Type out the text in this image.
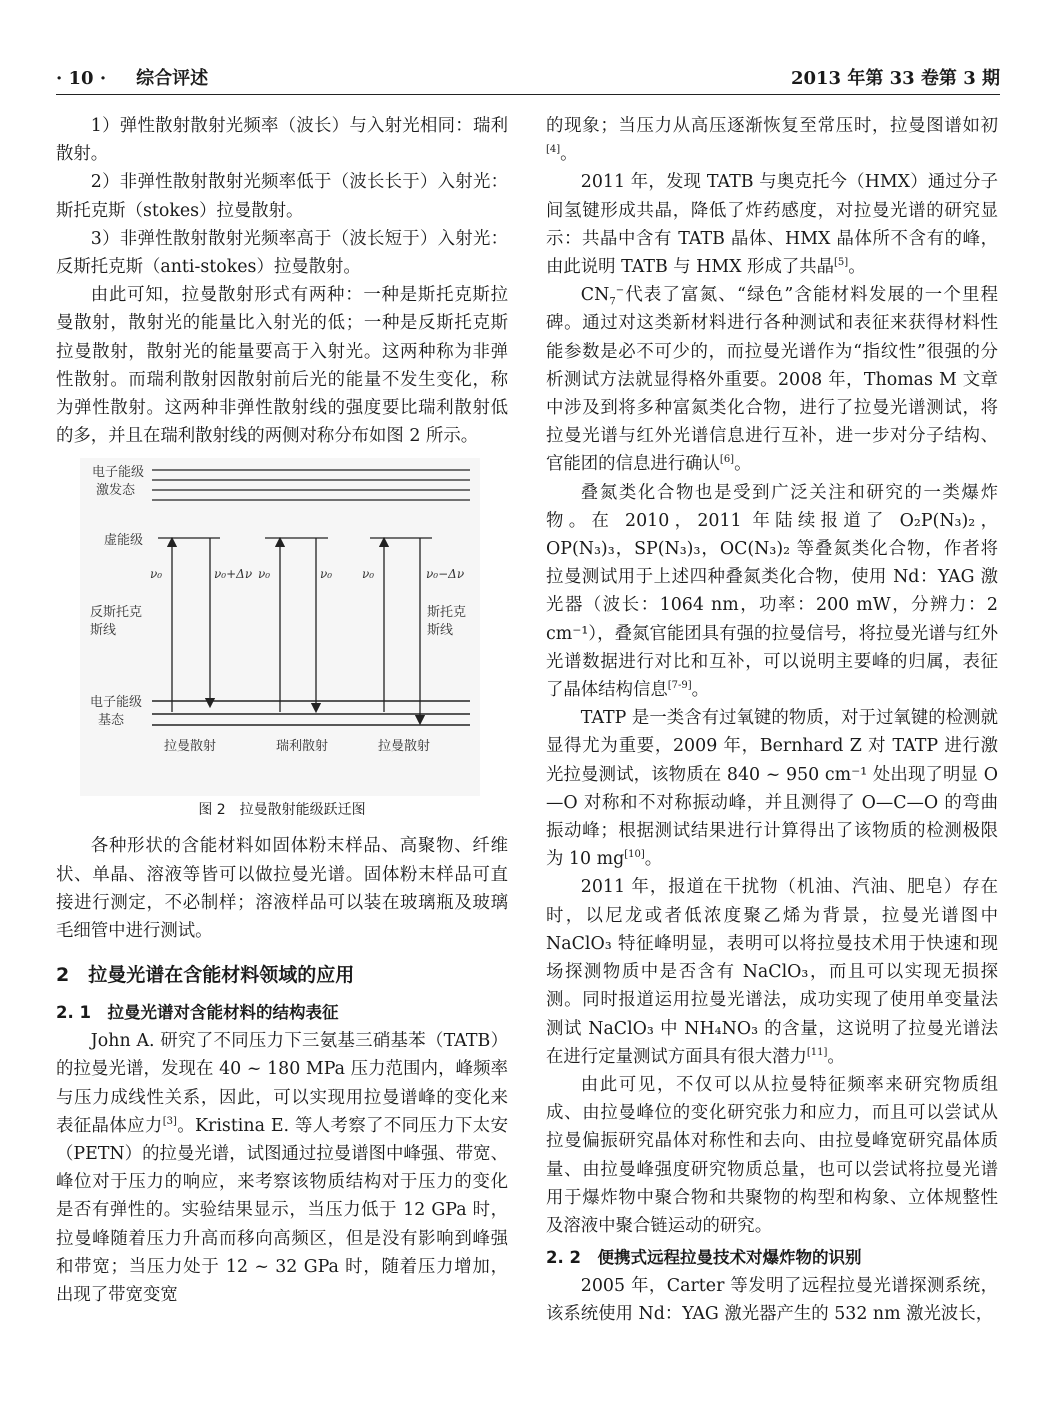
· 10 · 综合评述	2013 年第 33 卷第 3 期

1）弹性散射散射光频率（波长）与入射光相同：瑞利散射。

2）非弹性散射散射光频率低于（波长长于）入射光：斯托克斯（stokes）拉曼散射。

3）非弹性散射散射光频率高于（波长短于）入射光：反斯托克斯（anti-stokes）拉曼散射。

由此可知，拉曼散射形式有两种：一种是斯托克斯拉曼散射，散射光的能量比入射光的低；一种是反斯托克斯拉曼散射，散射光的能量要高于入射光。这两种称为非弹性散射。而瑞利散射因散射前后光的能量不发生变化，称为弹性散射。这两种非弹性散射线的强度要比瑞利散射低的多，并且在瑞利散射线的两侧对称分布如图 2 所示。

电子能级
激发态
虚能级
ν₀	ν₀+Δν ν₀	ν₀ ν₀	ν₀−Δν
反斯托克
斯线
斯托克
斯线
电子能级
基态
拉曼散射	瑞利散射	拉曼散射
图 2　拉曼散射能级跃迁图

各种形状的含能材料如固体粉末样品、高聚物、纤维状、单晶、溶液等皆可以做拉曼光谱。固体粉末样品可直接进行测定，不必制样；溶液样品可以装在玻璃瓶及玻璃毛细管中进行测试。

2　拉曼光谱在含能材料领域的应用
2. 1　拉曼光谱对含能材料的结构表征

John A. 研究了不同压力下三氨基三硝基苯（TATB）的拉曼光谱，发现在 40 ~ 180 MPa 压力范围内，峰频率与压力成线性关系，因此，可以实现用拉曼谱峰的变化来表征晶体应力[3]。Kristina E. 等人考察了不同压力下太安（PETN）的拉曼光谱，试图通过拉曼谱图中峰强、带宽、峰位对于压力的响应，来考察该物质结构对于压力的变化是否有弹性的。实验结果显示，当压力低于 12 GPa 时，拉曼峰随着压力升高而移向高频区，但是没有影响到峰强和带宽；当压力处于 12 ~ 32 GPa 时，随着压力增加，出现了带宽变宽

的现象；当压力从高压逐渐恢复至常压时，拉曼图谱如初[4]。

2011 年，发现 TATB 与奥克托今（HMX）通过分子间氢键形成共晶，降低了炸药感度，对拉曼光谱的研究显示：共晶中含有 TATB 晶体、HMX 晶体所不含有的峰，由此说明 TATB 与 HMX 形成了共晶[5]。

$CN_7^-$代表了富氮、“绿色”含能材料发展的一个里程碑。通过对这类新材料进行各种测试和表征来获得材料性能参数是必不可少的，而拉曼光谱作为“指纹性”很强的分析测试方法就显得格外重要。2008 年，Thomas M 文章中涉及到将多种富氮类化合物，进行了拉曼光谱测试，将拉曼光谱与红外光谱信息进行互补，进一步对分子结构、官能团的信息进行确认[6]。

叠氮类化合物也是受到广泛关注和研究的一类爆炸物。在 2010，2011 年陆续报道了 O₂P(N₃)₂，OP(N₃)₃，SP(N₃)₃，OC(N₃)₂ 等叠氮类化合物，作者将拉曼测试用于上述四种叠氮类化合物，使用 Nd：YAG 激光器（波长：1064 nm，功率：200 mW，分辨力：2 cm⁻¹），叠氮官能团具有强的拉曼信号，将拉曼光谱与红外光谱数据进行对比和互补，可以说明主要峰的归属，表征了晶体结构信息[7-9]。

TATP 是一类含有过氧键的物质，对于过氧键的检测就显得尤为重要，2009 年，Bernhard Z 对 TATP 进行激光拉曼测试，该物质在 840 ~ 950 cm⁻¹ 处出现了明显 O—O 对称和不对称振动峰，并且测得了 O—C—O 的弯曲振动峰；根据测试结果进行计算得出了该物质的检测极限为 10 mg[10]。

2011 年，报道在干扰物（机油、汽油、肥皂）存在时，以尼龙或者低浓度聚乙烯为背景，拉曼光谱图中 NaClO₃ 特征峰明显，表明可以将拉曼技术用于快速和现场探测物质中是否含有 NaClO₃，而且可以实现无损探测。同时报道运用拉曼光谱法，成功实现了使用单变量法测试 NaClO₃ 中 NH₄NO₃ 的含量，这说明了拉曼光谱法在进行定量测试方面具有很大潜力[11]。

由此可见，不仅可以从拉曼特征频率来研究物质组成、由拉曼峰位的变化研究张力和应力，而且可以尝试从拉曼偏振研究晶体对称性和去向、由拉曼峰宽研究晶体质量、由拉曼峰强度研究物质总量，也可以尝试将拉曼光谱用于爆炸物中聚合物和共聚物的构型和构象、立体规整性及溶液中聚合链运动的研究。

2. 2　便携式远程拉曼技术对爆炸物的识别

2005 年，Carter 等发明了远程拉曼光谱探测系统，该系统使用 Nd：YAG 激光器产生的 532 nm 激光波长，
